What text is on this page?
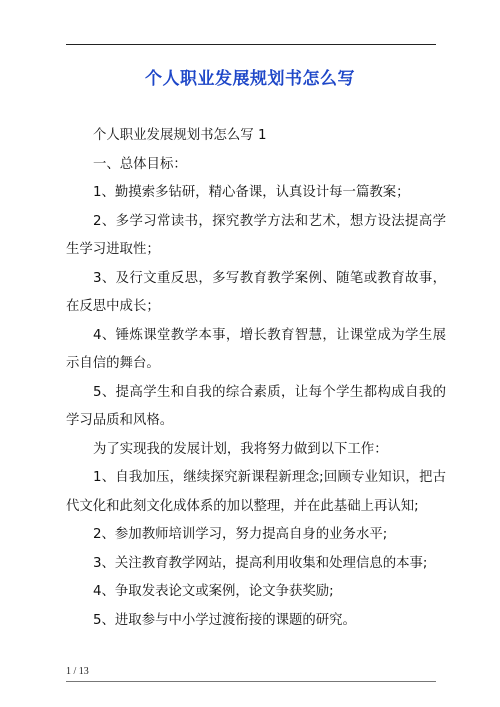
个人职业发展规划书怎么写

个人职业发展规划书怎么写 1

一、总体目标：

1、勤摸索多钻研，精心备课，认真设计每一篇教案；

2、多学习常读书，探究教学方法和艺术，想方设法提高学生学习进取性；

3、及行文重反思，多写教育教学案例、随笔或教育故事，在反思中成长；

4、锤炼课堂教学本事，增长教育智慧，让课堂成为学生展示自信的舞台。

5、提高学生和自我的综合素质，让每个学生都构成自我的学习品质和风格。

为了实现我的发展计划，我将努力做到以下工作：

1、自我加压，继续探究新课程新理念;回顾专业知识，把古代文化和此刻文化成体系的加以整理，并在此基础上再认知;

2、参加教师培训学习，努力提高自身的业务水平;

3、关注教育教学网站，提高利用收集和处理信息的本事;

4、争取发表论文或案例，论文争获奖励;

5、进取参与中小学过渡衔接的课题的研究。

1 / 13
